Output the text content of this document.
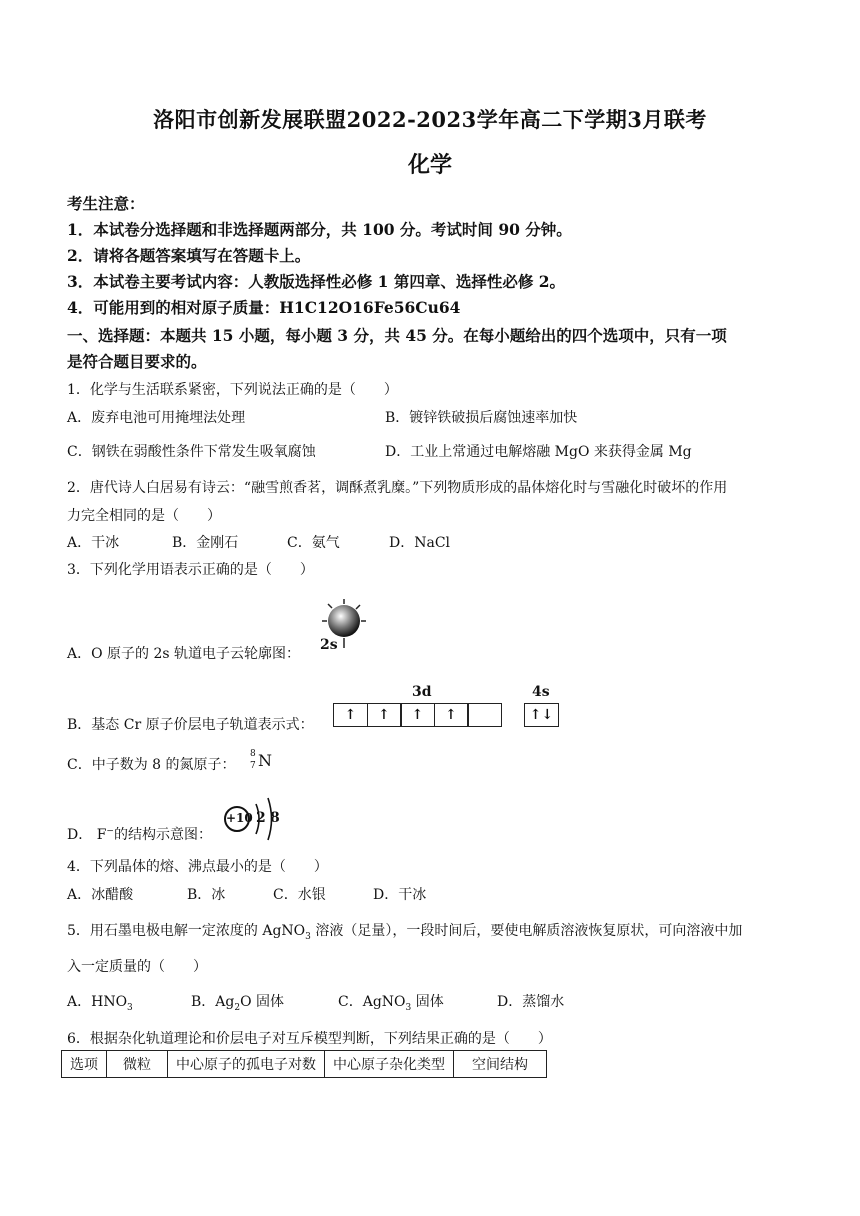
洛阳市创新发展联盟2022-2023学年高二下学期3月联考
化学
考生注意：
1．本试卷分选择题和非选择题两部分，共 100 分。考试时间 90 分钟。
2．请将各题答案填写在答题卡上。
3．本试卷主要考试内容：人教版选择性必修 1 第四章、选择性必修 2。
4．可能用到的相对原子质量：H1C12O16Fe56Cu64
一、选择题：本题共 15 小题，每小题 3 分，共 45 分。在每小题给出的四个选项中，只有一项
是符合题目要求的。
1．化学与生活联系紧密，下列说法正确的是（　　）
A．废弃电池可用掩埋法处理	B．镀锌铁破损后腐蚀速率加快
C．钢铁在弱酸性条件下常发生吸氧腐蚀	D．工业上常通过电解熔融 MgO 来获得金属 Mg
2．唐代诗人白居易有诗云：“融雪煎香茗，调酥煮乳糜。”下列物质形成的晶体熔化时与雪融化时破坏的作用
力完全相同的是（　　）
A．干冰	B．金刚石	C．氨气	D．NaCl
3．下列化学用语表示正确的是（　　）
A．O 原子的 2s 轨道电子云轮廓图：
2s
B．基态 Cr 原子价层电子轨道表示式：
3d	4s
↑	↑	↑	↑	↑↓
C．中子数为 8 的氮原子：
8
7 N
D． F−的结构示意图：
+10 2 8
4．下列晶体的熔、沸点最小的是（　　）
A．冰醋酸	B．冰	C．水银	D．干冰
5．用石墨电极电解一定浓度的 AgNO$_3$ 溶液（足量），一段时间后，要使电解质溶液恢复原状，可向溶液中加
入一定质量的（　　）
A．$HNO_3$	B．$Ag_2O$ 固体	C．AgNO$_3$ 固体	D．蒸馏水
6．根据杂化轨道理论和价层电子对互斥模型判断，下列结果正确的是（　　）
选项	微粒	中心原子的孤电子对数	中心原子杂化类型	空间结构
